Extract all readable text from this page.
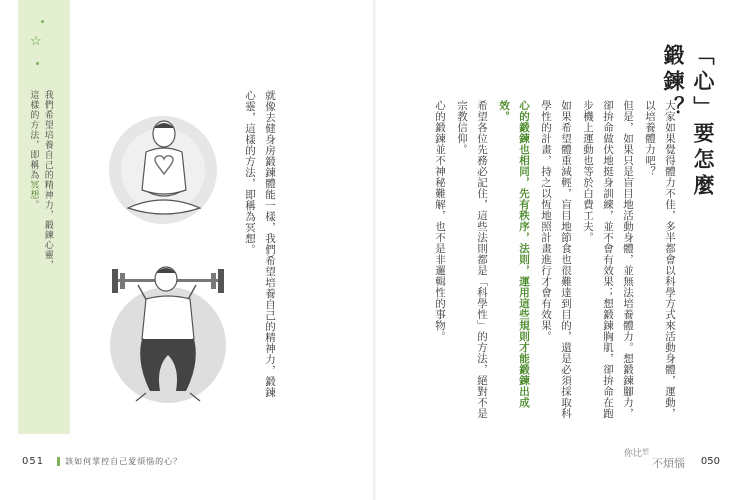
☆
我們希望培養自己的精神力，鍛鍊心靈，
這樣的方法，即稱為冥想。	就像去健身房鍛鍊體能一樣，我們希望培養自己的精神力，鍛鍊心靈，這樣的方法，即稱為冥想。

051	該如何掌控自己愛煩惱的心？
「心」要怎麼鍛鍊？

大家如果覺得體力不佳，多半都會以科學方式來活動身體，運動，以培養體力吧？

但是，如果只是盲目地活動身體，並無法培養體力。想鍛鍊腳力，卻拚命做伏地挺身訓練，並不會有效果；想鍛鍊胸肌，卻拚命在跑步機上運動也等於白費工夫。

如果希望體重減輕，盲目地節食也很難達到目的，還是必須採取科學性的計畫，持之以恆地照計畫進行才會有效果。

心的鍛鍊也相同，先有秩序，法則，運用這些規則才能鍛鍊出成效。

希望各位先務必記住，這些法則都是「科學性」的方法，絕對不是宗教信仰。

心的鍛鍊並不神秘難解，也不是非邏輯性的事物。

你比 想
不煩惱 050
